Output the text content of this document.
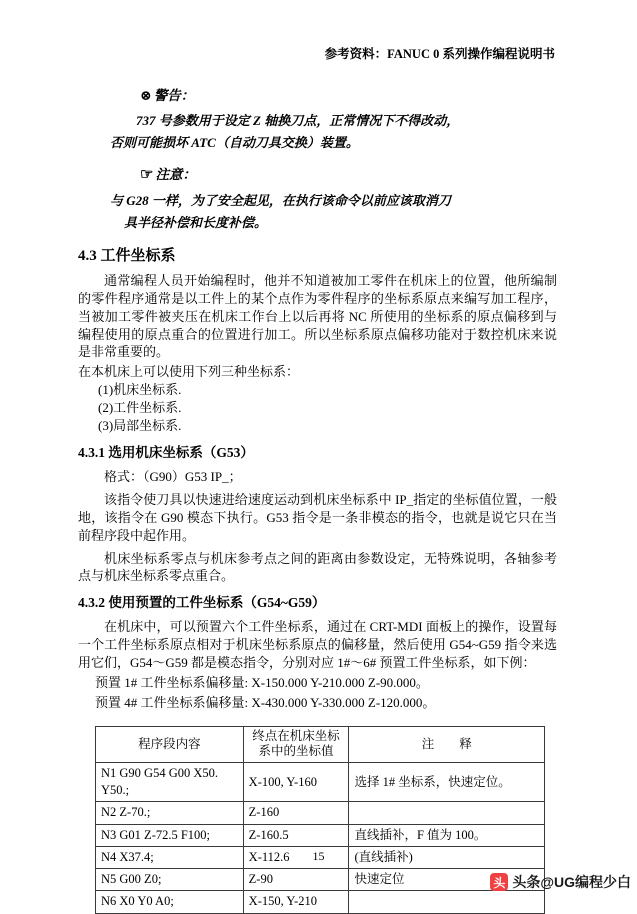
参考资料：FANUC 0 系列操作编程说明书
⊗ 警告：
737 号参数用于设定 Z 轴换刀点，正常情况下不得改动，
否则可能损坏 ATC（自动刀具交换）装置。
☞ 注意：
与 G28 一样，为了安全起见，在执行该命令以前应该取消刀
具半径补偿和长度补偿。
4.3 工件坐标系
通常编程人员开始编程时，他并不知道被加工零件在机床上的位置，他所编制的零件程序通常是以工件上的某个点作为零件程序的坐标系原点来编写加工程序，当被加工零件被夹压在机床工作台上以后再将 NC 所使用的坐标系的原点偏移到与编程使用的原点重合的位置进行加工。所以坐标系原点偏移功能对于数控机床来说是非常重要的。
在本机床上可以使用下列三种坐标系：
(1)机床坐标系.
(2)工件坐标系.
(3)局部坐标系.
4.3.1 选用机床坐标系（G53）
格式：（G90）G53 IP_；
该指令使刀具以快速进给速度运动到机床坐标系中 IP_指定的坐标值位置，一般地，该指令在 G90 模态下执行。G53 指令是一条非模态的指令，也就是说它只在当前程序段中起作用。
机床坐标系零点与机床参考点之间的距离由参数设定，无特殊说明，各轴参考点与机床坐标系零点重合。
4.3.2 使用预置的工件坐标系（G54~G59）
在机床中，可以预置六个工件坐标系，通过在 CRT-MDI 面板上的操作，设置每一个工件坐标系原点相对于机床坐标系原点的偏移量，然后使用 G54~G59 指令来选用它们，G54～G59 都是模态指令，分别对应 1#～6# 预置工件坐标系，如下例：
预置 1# 工件坐标系偏移量: X-150.000 Y-210.000 Z-90.000。
预置 4# 工件坐标系偏移量: X-430.000 Y-330.000 Z-120.000。
程序段内容	终点在机床坐标系中的坐标值	注　　释
N1 G90 G54 G00 X50. Y50.;	X-100, Y-160	选择 1# 坐标系，快速定位。
N2 Z-70.;	Z-160	
N3 G01 Z-72.5 F100;	Z-160.5	直线插补，F 值为 100。
N4 X37.4;	X-112.6	(直线插补)
N5 G00 Z0;	Z-90	快速定位
N6 X0 Y0 A0;	X-150, Y-210	
15
头 头条@UG编程少白
